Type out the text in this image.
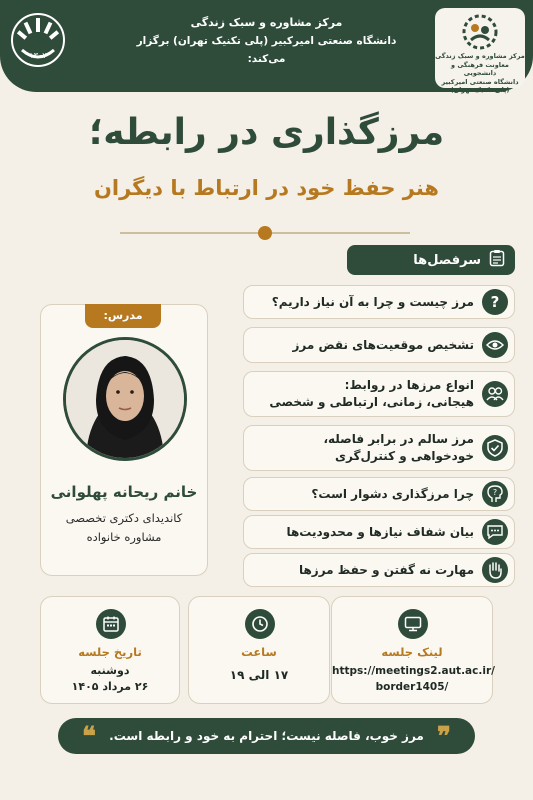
۱۳۰۷
مرکز مشاوره و سبک زندگی
دانشگاه صنعتی امیرکبیر (پلی تکنیک تهران) برگزار می‌کند:	مرکز مشاوره و سبک زندگی
معاونت فرهنگی و دانشجویی
دانشگاه صنعتی امیرکبیر
(پلی تکنیک تهران)
مرزگذاری در رابطه؛
هنر حفظ خود در ارتباط با دیگران
سرفصل‌ها
?
مرز چیست و چرا به آن نیاز داریم؟
تشخیص موقعیت‌های نقض مرز
انواع مرزها در روابط:
هیجانی، زمانی، ارتباطی و شخصی
مرز سالم در برابر فاصله،
خودخواهی و کنترل‌گری
?
چرا مرزگذاری دشوار است؟
بیان شفاف نیازها و محدودیت‌ها
مهارت نه گفتن و حفظ مرزها
مدرس:
خانم ریحانه پهلوانی
کاندیدای دکتری تخصصی
مشاوره خانواده
لینک جلسه
https://meetings2.aut.ac.ir/
border1405/
ساعت
۱۷ الی ۱۹
تاریخ جلسه
دوشنبه
۲۶ مرداد ۱۴۰۵
مرز خوب، فاصله نیست؛ احترام به خود و رابطه است. ❞
❝
